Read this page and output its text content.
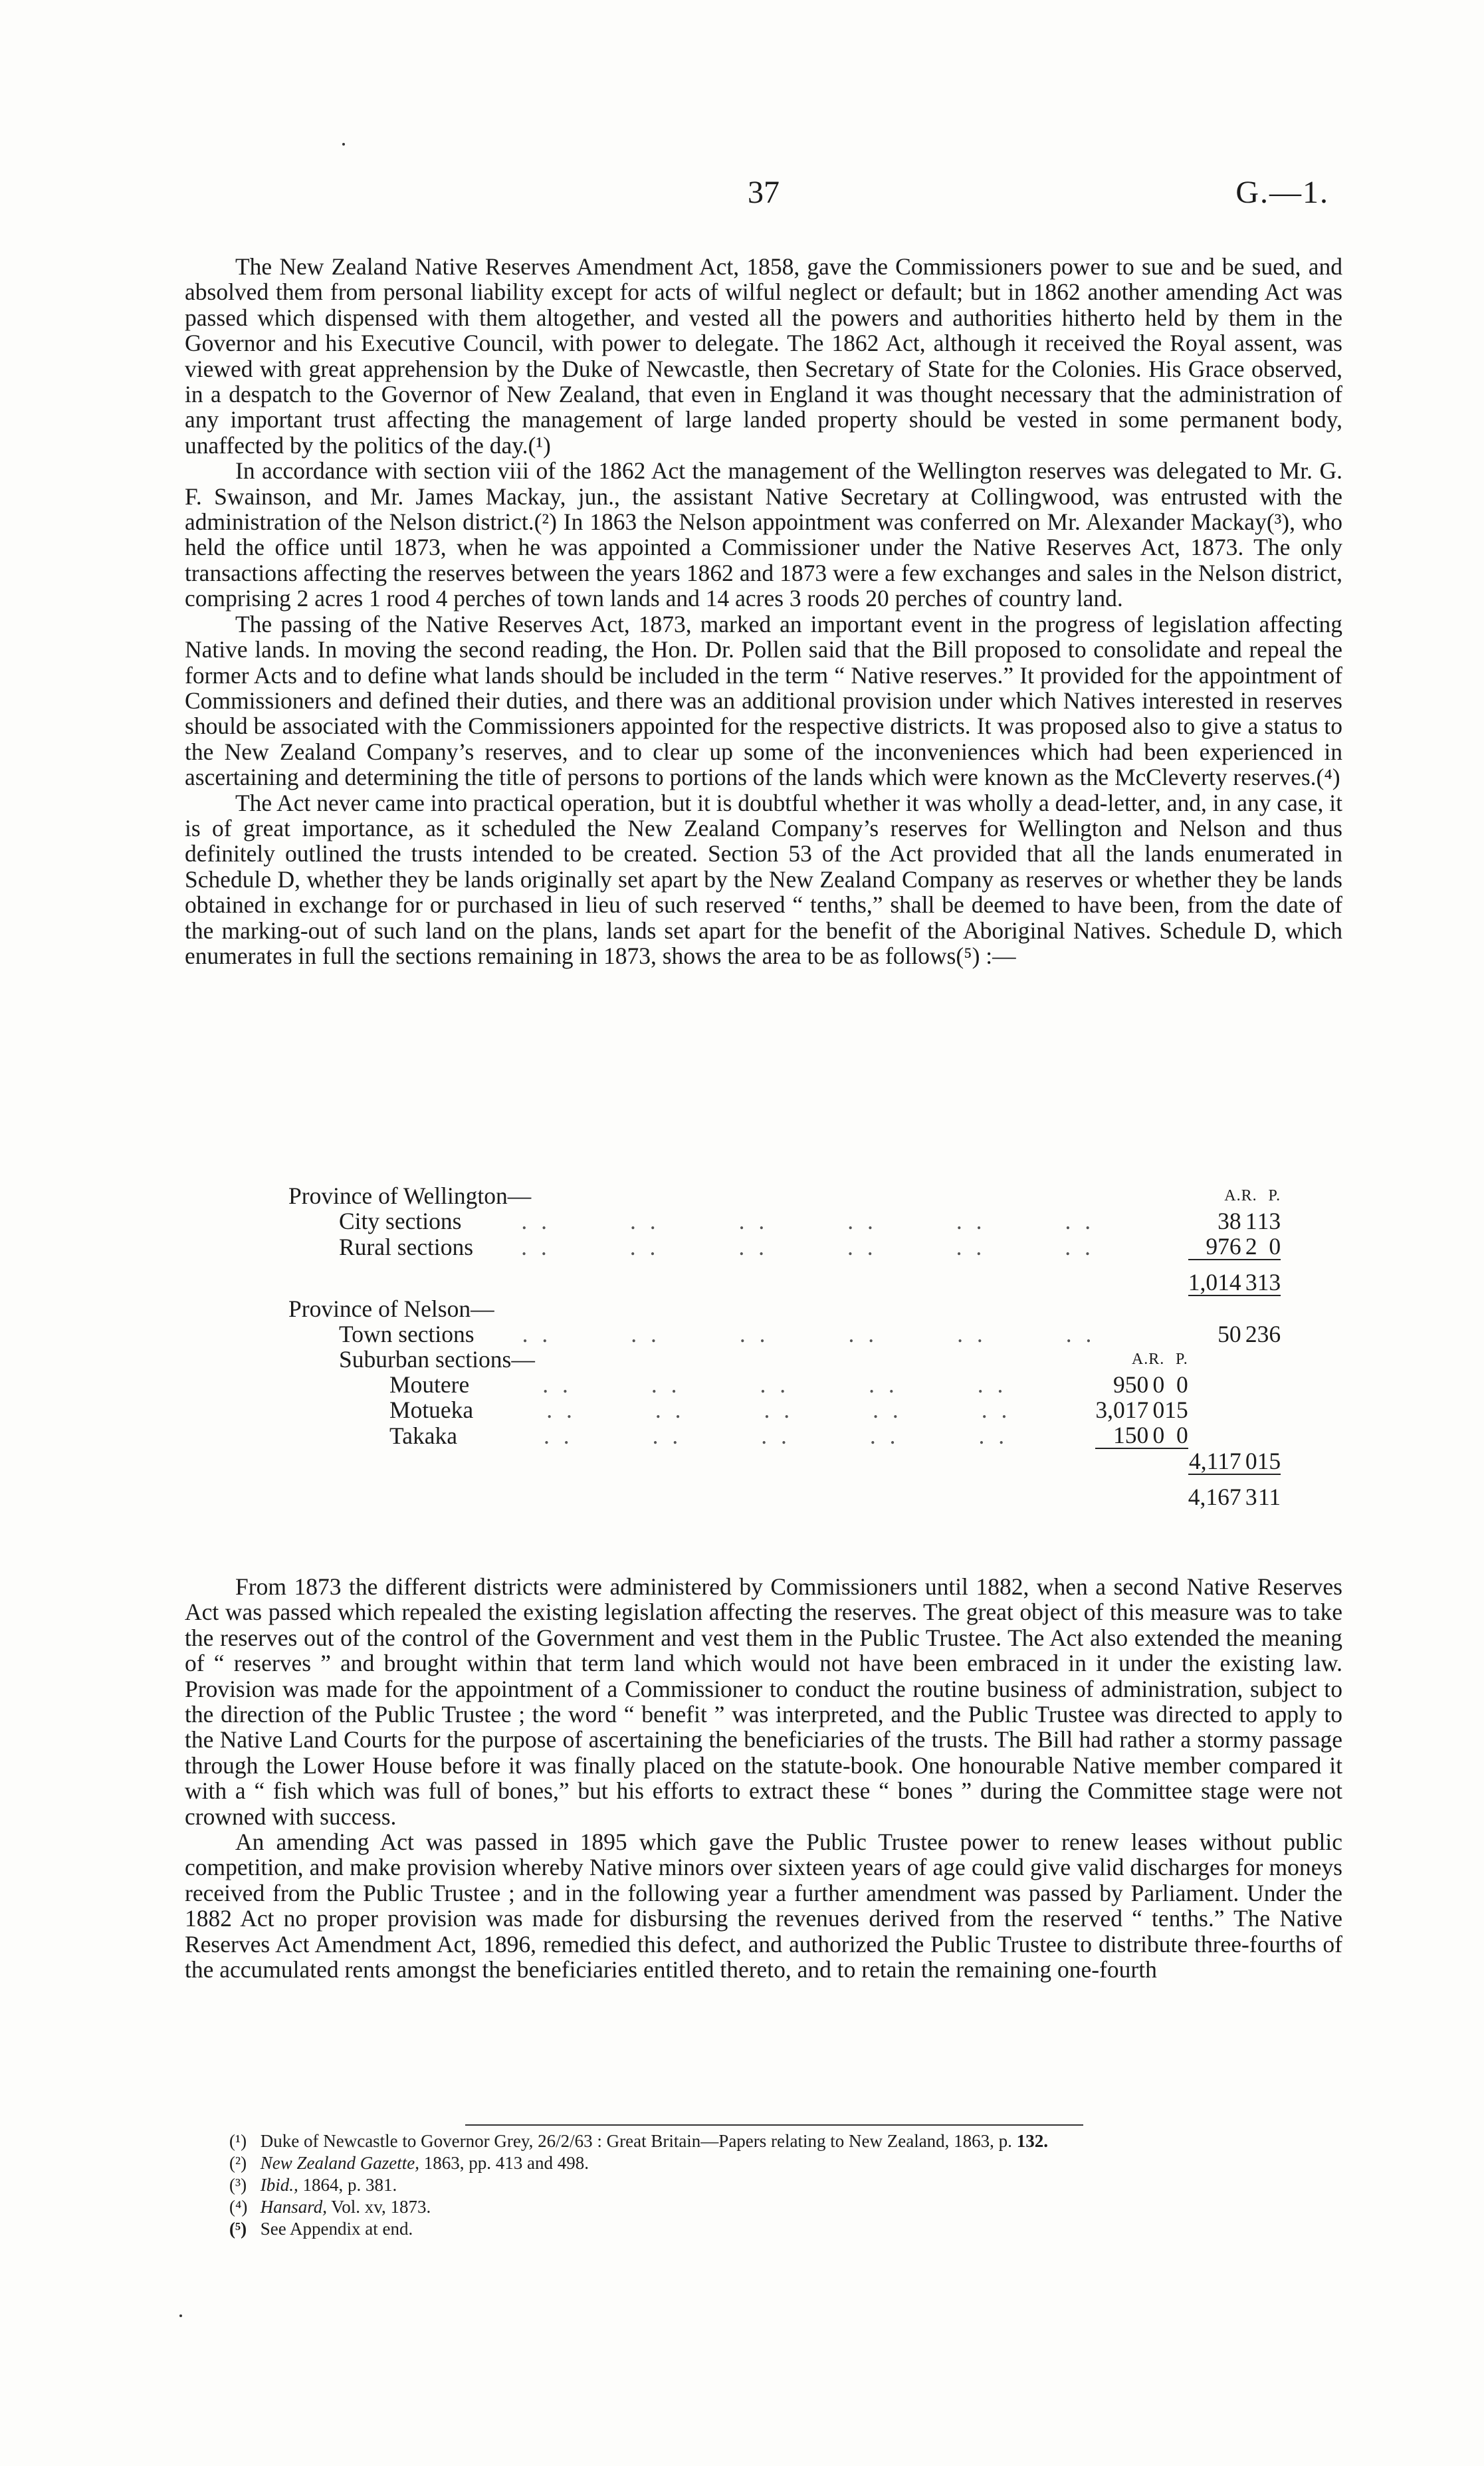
37	G.—1.

The New Zealand Native Reserves Amendment Act, 1858, gave the Commissioners power to sue and be sued, and absolved them from personal liability except for acts of wilful neglect or default; but in 1862 another amending Act was passed which dispensed with them altogether, and vested all the powers and authorities hitherto held by them in the Governor and his Executive Council, with power to delegate. The 1862 Act, although it received the Royal assent, was viewed with great apprehension by the Duke of Newcastle, then Secretary of State for the Colonies. His Grace observed, in a despatch to the Governor of New Zealand, that even in England it was thought necessary that the administration of any important trust affecting the management of large landed property should be vested in some permanent body, unaffected by the politics of the day.(¹)

In accordance with section viii of the 1862 Act the management of the Wellington reserves was delegated to Mr. G. F. Swainson, and Mr. James Mackay, jun., the assistant Native Secretary at Collingwood, was entrusted with the administration of the Nelson district.(²) In 1863 the Nelson appointment was conferred on Mr. Alexander Mackay(³), who held the office until 1873, when he was appointed a Commissioner under the Native Reserves Act, 1873. The only transactions affecting the reserves between the years 1862 and 1873 were a few exchanges and sales in the Nelson district, comprising 2 acres 1 rood 4 perches of town lands and 14 acres 3 roods 20 perches of country land.

The passing of the Native Reserves Act, 1873, marked an important event in the progress of legislation affecting Native lands. In moving the second reading, the Hon. Dr. Pollen said that the Bill proposed to consolidate and repeal the former Acts and to define what lands should be included in the term “ Native reserves.” It provided for the appointment of Commissioners and defined their duties, and there was an additional provision under which Natives interested in reserves should be associated with the Commissioners appointed for the respective districts. It was proposed also to give a status to the New Zealand Company’s reserves, and to clear up some of the inconveniences which had been experienced in ascertaining and determining the title of persons to portions of the lands which were known as the McCleverty reserves.(⁴)

The Act never came into practical operation, but it is doubtful whether it was wholly a dead-letter, and, in any case, it is of great importance, as it scheduled the New Zealand Company’s reserves for Wellington and Nelson and thus definitely outlined the trusts intended to be created. Section 53 of the Act provided that all the lands enumerated in Schedule D, whether they be lands originally set apart by the New Zealand Company as reserves or whether they be lands obtained in exchange for or purchased in lieu of such reserved “ tenths,” shall be deemed to have been, from the date of the marking-out of such land on the plans, lands set apart for the benefit of the Aboriginal Natives. Schedule D, which enumerates in full the sections remaining in 1873, shows the area to be as follows(⁵) :—

Province of Wellington—				A.	R.	P.
City sections . . . . . . . . . . . .				38	1	13
Rural sections . . . . . . . . . . . .				976	2	0

				1,014	3	13
Province of Nelson—						
Town sections . . . . . . . . . . . .				50	2	36
Suburban sections—	A.	R.	P.			
Moutere . . . . . . . . . .	950	0	0			
Motueka . . . . . . . . . .	3,017	0	15			
Takaka . . . . . . . . . .	150	0	0			
				4,117	0	15

				4,167	3	11

From 1873 the different districts were administered by Commissioners until 1882, when a second Native Reserves Act was passed which repealed the existing legislation affecting the reserves. The great object of this measure was to take the reserves out of the control of the Government and vest them in the Public Trustee. The Act also extended the meaning of “ reserves ” and brought within that term land which would not have been embraced in it under the existing law. Provision was made for the appointment of a Commissioner to conduct the routine business of administration, subject to the direction of the Public Trustee ; the word “ benefit ” was interpreted, and the Public Trustee was directed to apply to the Native Land Courts for the purpose of ascertaining the beneficiaries of the trusts. The Bill had rather a stormy passage through the Lower House before it was finally placed on the statute-book. One honourable Native member compared it with a “ fish which was full of bones,” but his efforts to extract these “ bones ” during the Committee stage were not crowned with success.

An amending Act was passed in 1895 which gave the Public Trustee power to renew leases without public competition, and make provision whereby Native minors over sixteen years of age could give valid discharges for moneys received from the Public Trustee ; and in the following year a further amendment was passed by Parliament. Under the 1882 Act no proper provision was made for disbursing the revenues derived from the reserved “ tenths.” The Native Reserves Act Amendment Act, 1896, remedied this defect, and authorized the Public Trustee to distribute three-fourths of the accumulated rents amongst the beneficiaries entitled thereto, and to retain the remaining one-fourth

(¹) Duke of Newcastle to Governor Grey, 26/2/63 : Great Britain—Papers relating to New Zealand, 1863, p. 132.
(²) New Zealand Gazette, 1863, pp. 413 and 498.
(³) Ibid., 1864, p. 381.
(⁴) Hansard, Vol. xv, 1873.
(⁵) See Appendix at end.
